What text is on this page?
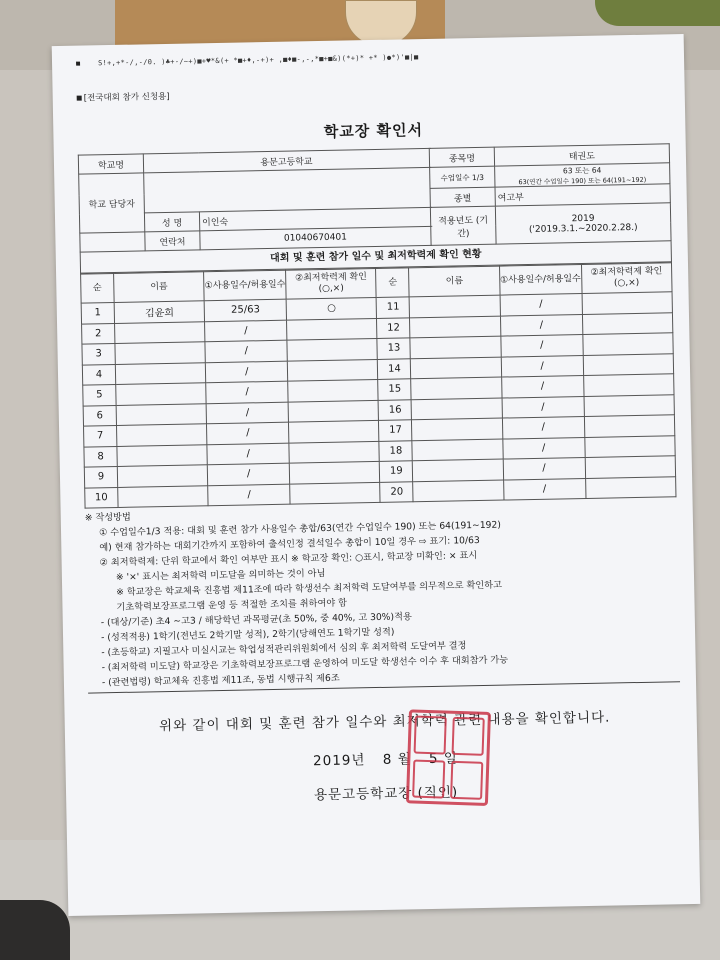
S!+,+*-/,-/0. )♣+-/~+)■+♥*&(+ *■+♦,-+)+ ,■♦■-,-,*■+■&)(*+)* +* )●*)'■|■
[전국대회 참가 신청용]
학교장 확인서
학교명	용문고등학교		종목명	태권도
학교 담당자			수업일수 1/3	63 또는 64
63(연간 수업일수 190) 또는 64(191~192)

			종별	여고부
	성 명	이인숙	적용년도 (기간)	2019
('2019.3.1.~2020.2.28.)

	연락처	01040670401		
대회 및 훈련 참가 일수 및 최저학력제 확인 현황
순	이름	①사용일수/허용일수	②최저학력제 확인(○,×)	순	이름	①사용일수/허용일수	②최저학력제 확인(○,×)
1	김윤희	25/63	○	11		/	
2		/		12		/	
3		/		13		/	
4		/		14		/	
5		/		15		/	
6		/		16		/	
7		/		17		/	
8		/		18		/	
9		/		19		/	
10		/		20		/	
※ 작성방법
① 수업일수1/3 적용: 대회 및 훈련 참가 사용일수 총합/63(연간 수업일수 190) 또는 64(191~192)
예) 현재 참가하는 대회기간까지 포함하여 출석인정 결석일수 총합이 10일 경우 ⇨ 표기: 10/63
② 최저학력제: 단위 학교에서 확인 여부만 표시 ※ 학교장 확인: ○표시, 학교장 미확인: × 표시
※ '×' 표시는 최저학력 미도달을 의미하는 것이 아님
※ 학교장은 학교체육 진흥법 제11조에 따라 학생선수 최저학력 도달여부를 의무적으로 확인하고
기초학력보장프로그램 운영 등 적절한 조치를 취하여야 함
- (대상/기준) 초4 ~고3 / 해당학년 과목평균(초 50%, 중 40%, 고 30%)적용
- (성적적용) 1학기(전년도 2학기말 성적), 2학기(당해연도 1학기말 성적)
- (초등학교) 지필고사 미실시교는 학업성적관리위원회에서 심의 후 최저학력 도달여부 결정
- (최저학력 미도달) 학교장은 기초학력보장프로그램 운영하여 미도달 학생선수 이수 후 대회참가 가능
- (관련법령) 학교체육 진흥법 제11조, 동법 시행규칙 제6조
위와 같이 대회 및 훈련 참가 일수와 최저학력 관련 내용을 확인합니다.
2019년 8 월 5 일
용문고등학교장 (직인)
